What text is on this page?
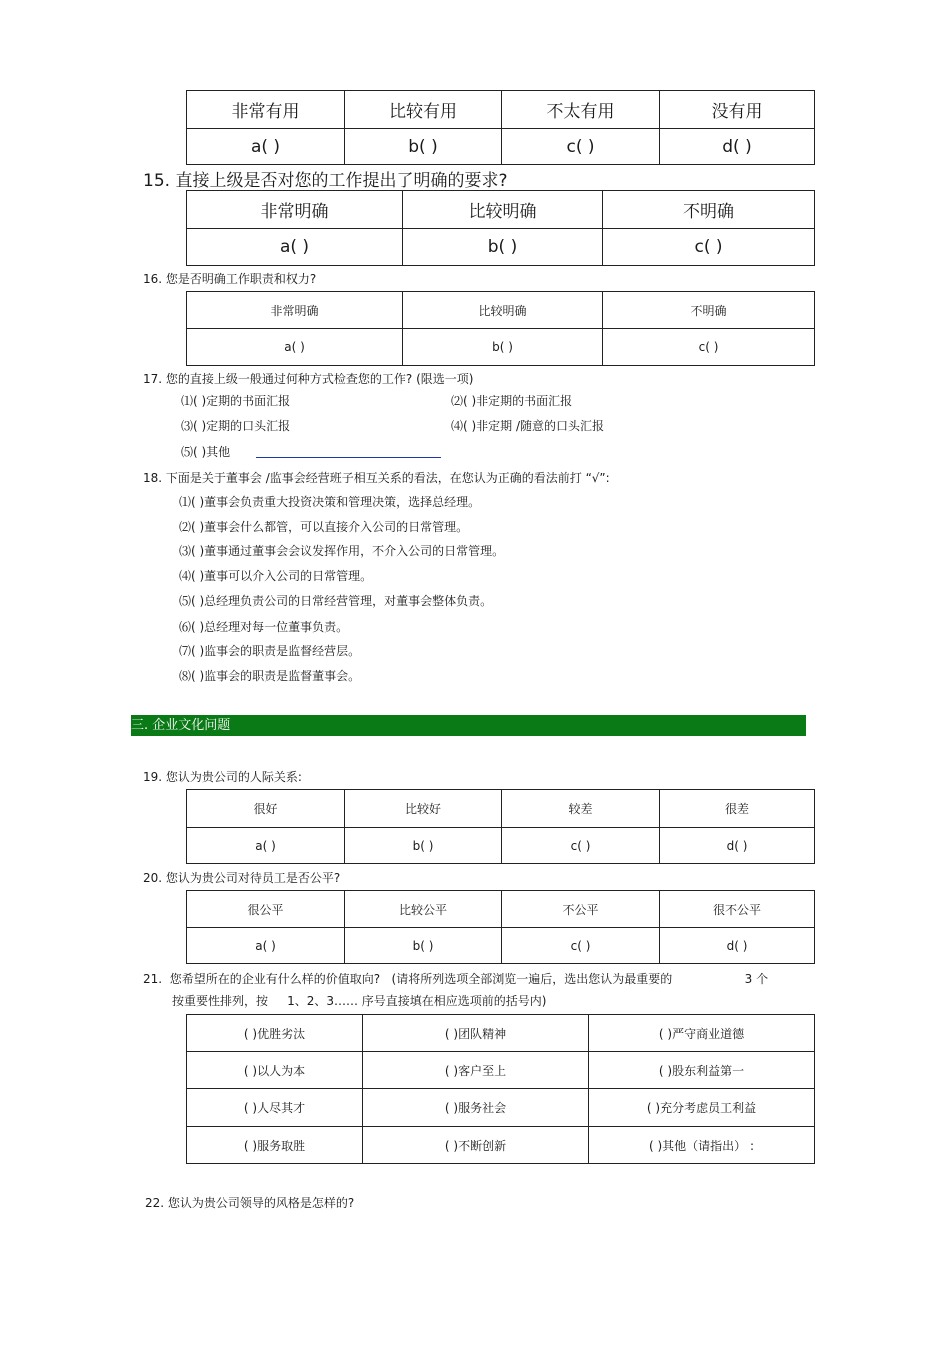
非常有用	比较有用	不太有用	没有用
a( )	b( )	c( )	d( )
15. 直接上级是否对您的工作提出了明确的要求?
非常明确	比较明确	不明确
a( )	b( )	c( )
16. 您是否明确工作职责和权力?
非常明确	比较明确	不明确
a( )	b( )	c( )
17. 您的直接上级一般通过何种方式检查您的工作? (限选一项)
⑴( )定期的书面汇报	⑵( )非定期的书面汇报
⑶( )定期的口头汇报	⑷( )非定期 /随意的口头汇报
⑸( )其他
18. 下面是关于董事会 /监事会经营班子相互关系的看法，在您认为正确的看法前打 “√”:
⑴( )董事会负责重大投资决策和管理决策，选择总经理。
⑵( )董事会什么都管，可以直接介入公司的日常管理。
⑶( )董事通过董事会会议发挥作用，不介入公司的日常管理。
⑷( )董事可以介入公司的日常管理。
⑸( )总经理负责公司的日常经营管理，对董事会整体负责。
⑹( )总经理对每一位董事负责。
⑺( )监事会的职责是监督经营层。
⑻( )监事会的职责是监督董事会。
三. 企业文化问题
19. 您认为贵公司的人际关系:
很好	比较好	较差	很差
a( )	b( )	c( )	d( )
20. 您认为贵公司对待员工是否公平?
很公平	比较公平	不公平	很不公平
a( )	b( )	c( )	d( )
21.  您希望所在的企业有什么样的价值取向?   (请将所列选项全部浏览一遍后，选出您认为最重要的                   3 个
按重要性排列，按     1、2、3…… 序号直接填在相应选项前的括号内)
( )优胜劣汰	( )团队精神	( )严守商业道德
( )以人为本	( )客户至上	( )股东利益第一
( )人尽其才	( )服务社会	( )充分考虑员工利益
( )服务取胜	( )不断创新	( )其他（请指出） :
22. 您认为贵公司领导的风格是怎样的?
